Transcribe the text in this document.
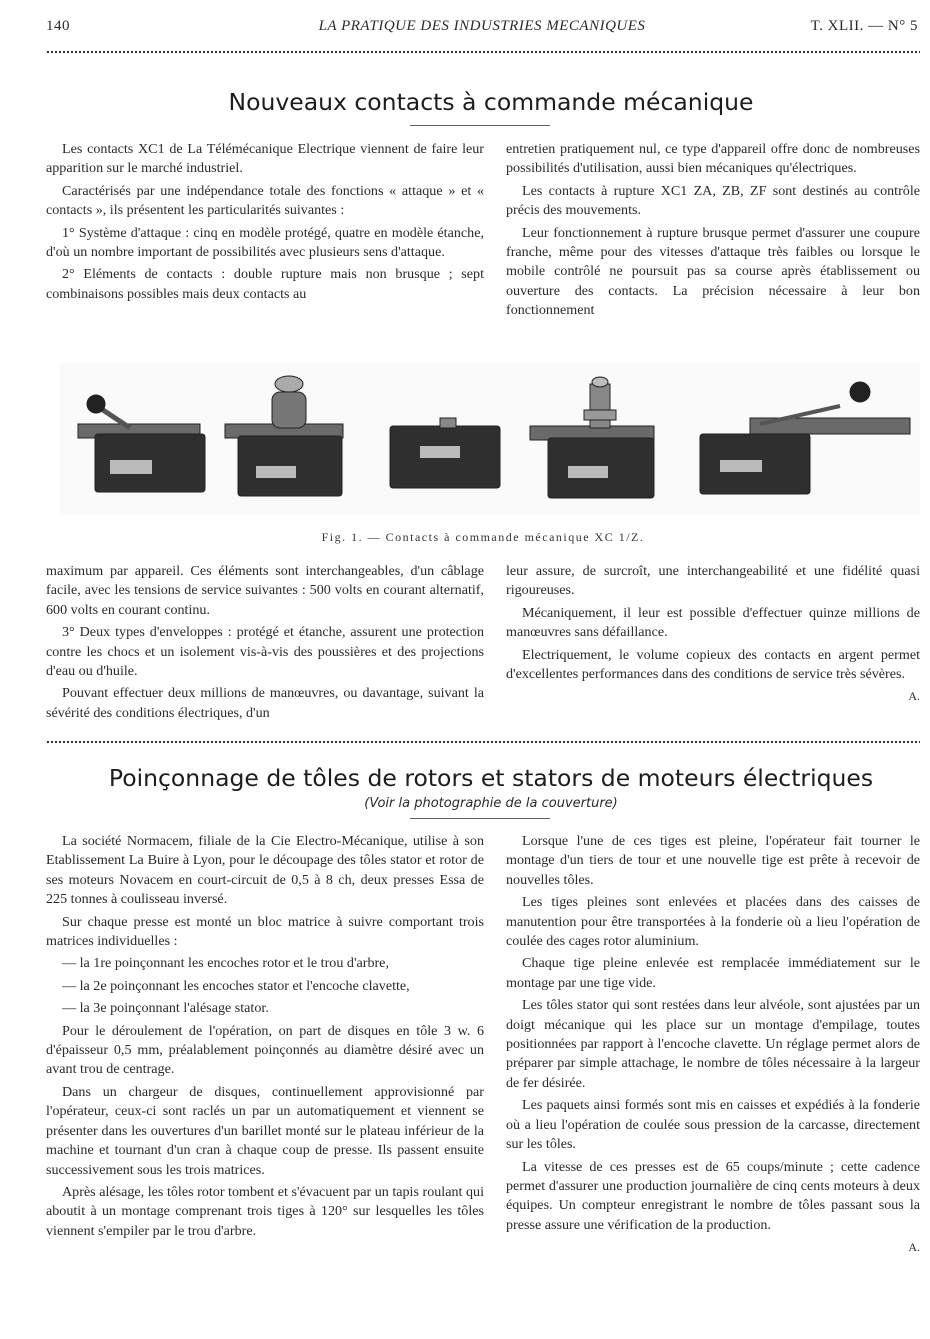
140	LA PRATIQUE DES INDUSTRIES MECANIQUES	T. XLII. — N° 5
Nouveaux contacts à commande mécanique

Les contacts XC1 de La Télémécanique Electrique viennent de faire leur apparition sur le marché industriel.

Caractérisés par une indépendance totale des fonctions « attaque » et « contacts », ils présentent les particularités suivantes :

1° Système d'attaque : cinq en modèle protégé, quatre en modèle étanche, d'où un nombre important de possibilités avec plusieurs sens d'attaque.

2° Eléments de contacts : double rupture mais non brusque ; sept combinaisons possibles mais deux contacts au

entretien pratiquement nul, ce type d'appareil offre donc de nombreuses possibilités d'utilisation, aussi bien mécaniques qu'électriques.

Les contacts à rupture XC1 ZA, ZB, ZF sont destinés au contrôle précis des mouvements.

Leur fonctionnement à rupture brusque permet d'assurer une coupure franche, même pour des vitesses d'attaque très faibles ou lorsque le mobile contrôlé ne poursuit pas sa course après établissement ou ouverture des contacts. La précision nécessaire à leur bon fonctionnement

Fig. 1. — Contacts à commande mécanique XC 1/Z.

maximum par appareil. Ces éléments sont interchangeables, d'un câblage facile, avec les tensions de service suivantes : 500 volts en courant alternatif, 600 volts en courant continu.

3° Deux types d'enveloppes : protégé et étanche, assurent une protection contre les chocs et un isolement vis-à-vis des poussières et des projections d'eau ou d'huile.

Pouvant effectuer deux millions de manœuvres, ou davantage, suivant la sévérité des conditions électriques, d'un

leur assure, de surcroît, une interchangeabilité et une fidélité quasi rigoureuses.

Mécaniquement, il leur est possible d'effectuer quinze millions de manœuvres sans défaillance.

Electriquement, le volume copieux des contacts en argent permet d'excellentes performances dans des conditions de service très sévères.

A.

Poinçonnage de tôles de rotors et stators de moteurs électriques
(Voir la photographie de la couverture)

La société Normacem, filiale de la Cie Electro-Mécanique, utilise à son Etablissement La Buire à Lyon, pour le découpage des tôles stator et rotor de ses moteurs Novacem en court-circuit de 0,5 à 8 ch, deux presses Essa de 225 tonnes à coulisseau inversé.

Sur chaque presse est monté un bloc matrice à suivre comportant trois matrices individuelles :

— la 1re poinçonnant les encoches rotor et le trou d'arbre,

— la 2e poinçonnant les encoches stator et l'encoche clavette,

— la 3e poinçonnant l'alésage stator.

Pour le déroulement de l'opération, on part de disques en tôle 3 w. 6 d'épaisseur 0,5 mm, préalablement poinçonnés au diamètre désiré avec un avant trou de centrage.

Dans un chargeur de disques, continuellement approvisionné par l'opérateur, ceux-ci sont raclés un par un automatiquement et viennent se présenter dans les ouvertures d'un barillet monté sur le plateau inférieur de la machine et tournant d'un cran à chaque coup de presse. Ils passent ensuite successivement sous les trois matrices.

Après alésage, les tôles rotor tombent et s'évacuent par un tapis roulant qui aboutit à un montage comprenant trois tiges à 120° sur lesquelles les tôles viennent s'empiler par le trou d'arbre.

Lorsque l'une de ces tiges est pleine, l'opérateur fait tourner le montage d'un tiers de tour et une nouvelle tige est prête à recevoir de nouvelles tôles.

Les tiges pleines sont enlevées et placées dans des caisses de manutention pour être transportées à la fonderie où a lieu l'opération de coulée des cages rotor aluminium.

Chaque tige pleine enlevée est remplacée immédiatement sur le montage par une tige vide.

Les tôles stator qui sont restées dans leur alvéole, sont ajustées par un doigt mécanique qui les place sur un montage d'empilage, toutes positionnées par rapport à l'encoche clavette. Un réglage permet alors de préparer par simple attachage, le nombre de tôles nécessaire à la largeur de fer désirée.

Les paquets ainsi formés sont mis en caisses et expédiés à la fonderie où a lieu l'opération de coulée sous pression de la carcasse, directement sur les tôles.

La vitesse de ces presses est de 65 coups/minute ; cette cadence permet d'assurer une production journalière de cinq cents moteurs à deux équipes. Un compteur enregistrant le nombre de tôles passant sous la presse assure une vérification de la production.

A.
